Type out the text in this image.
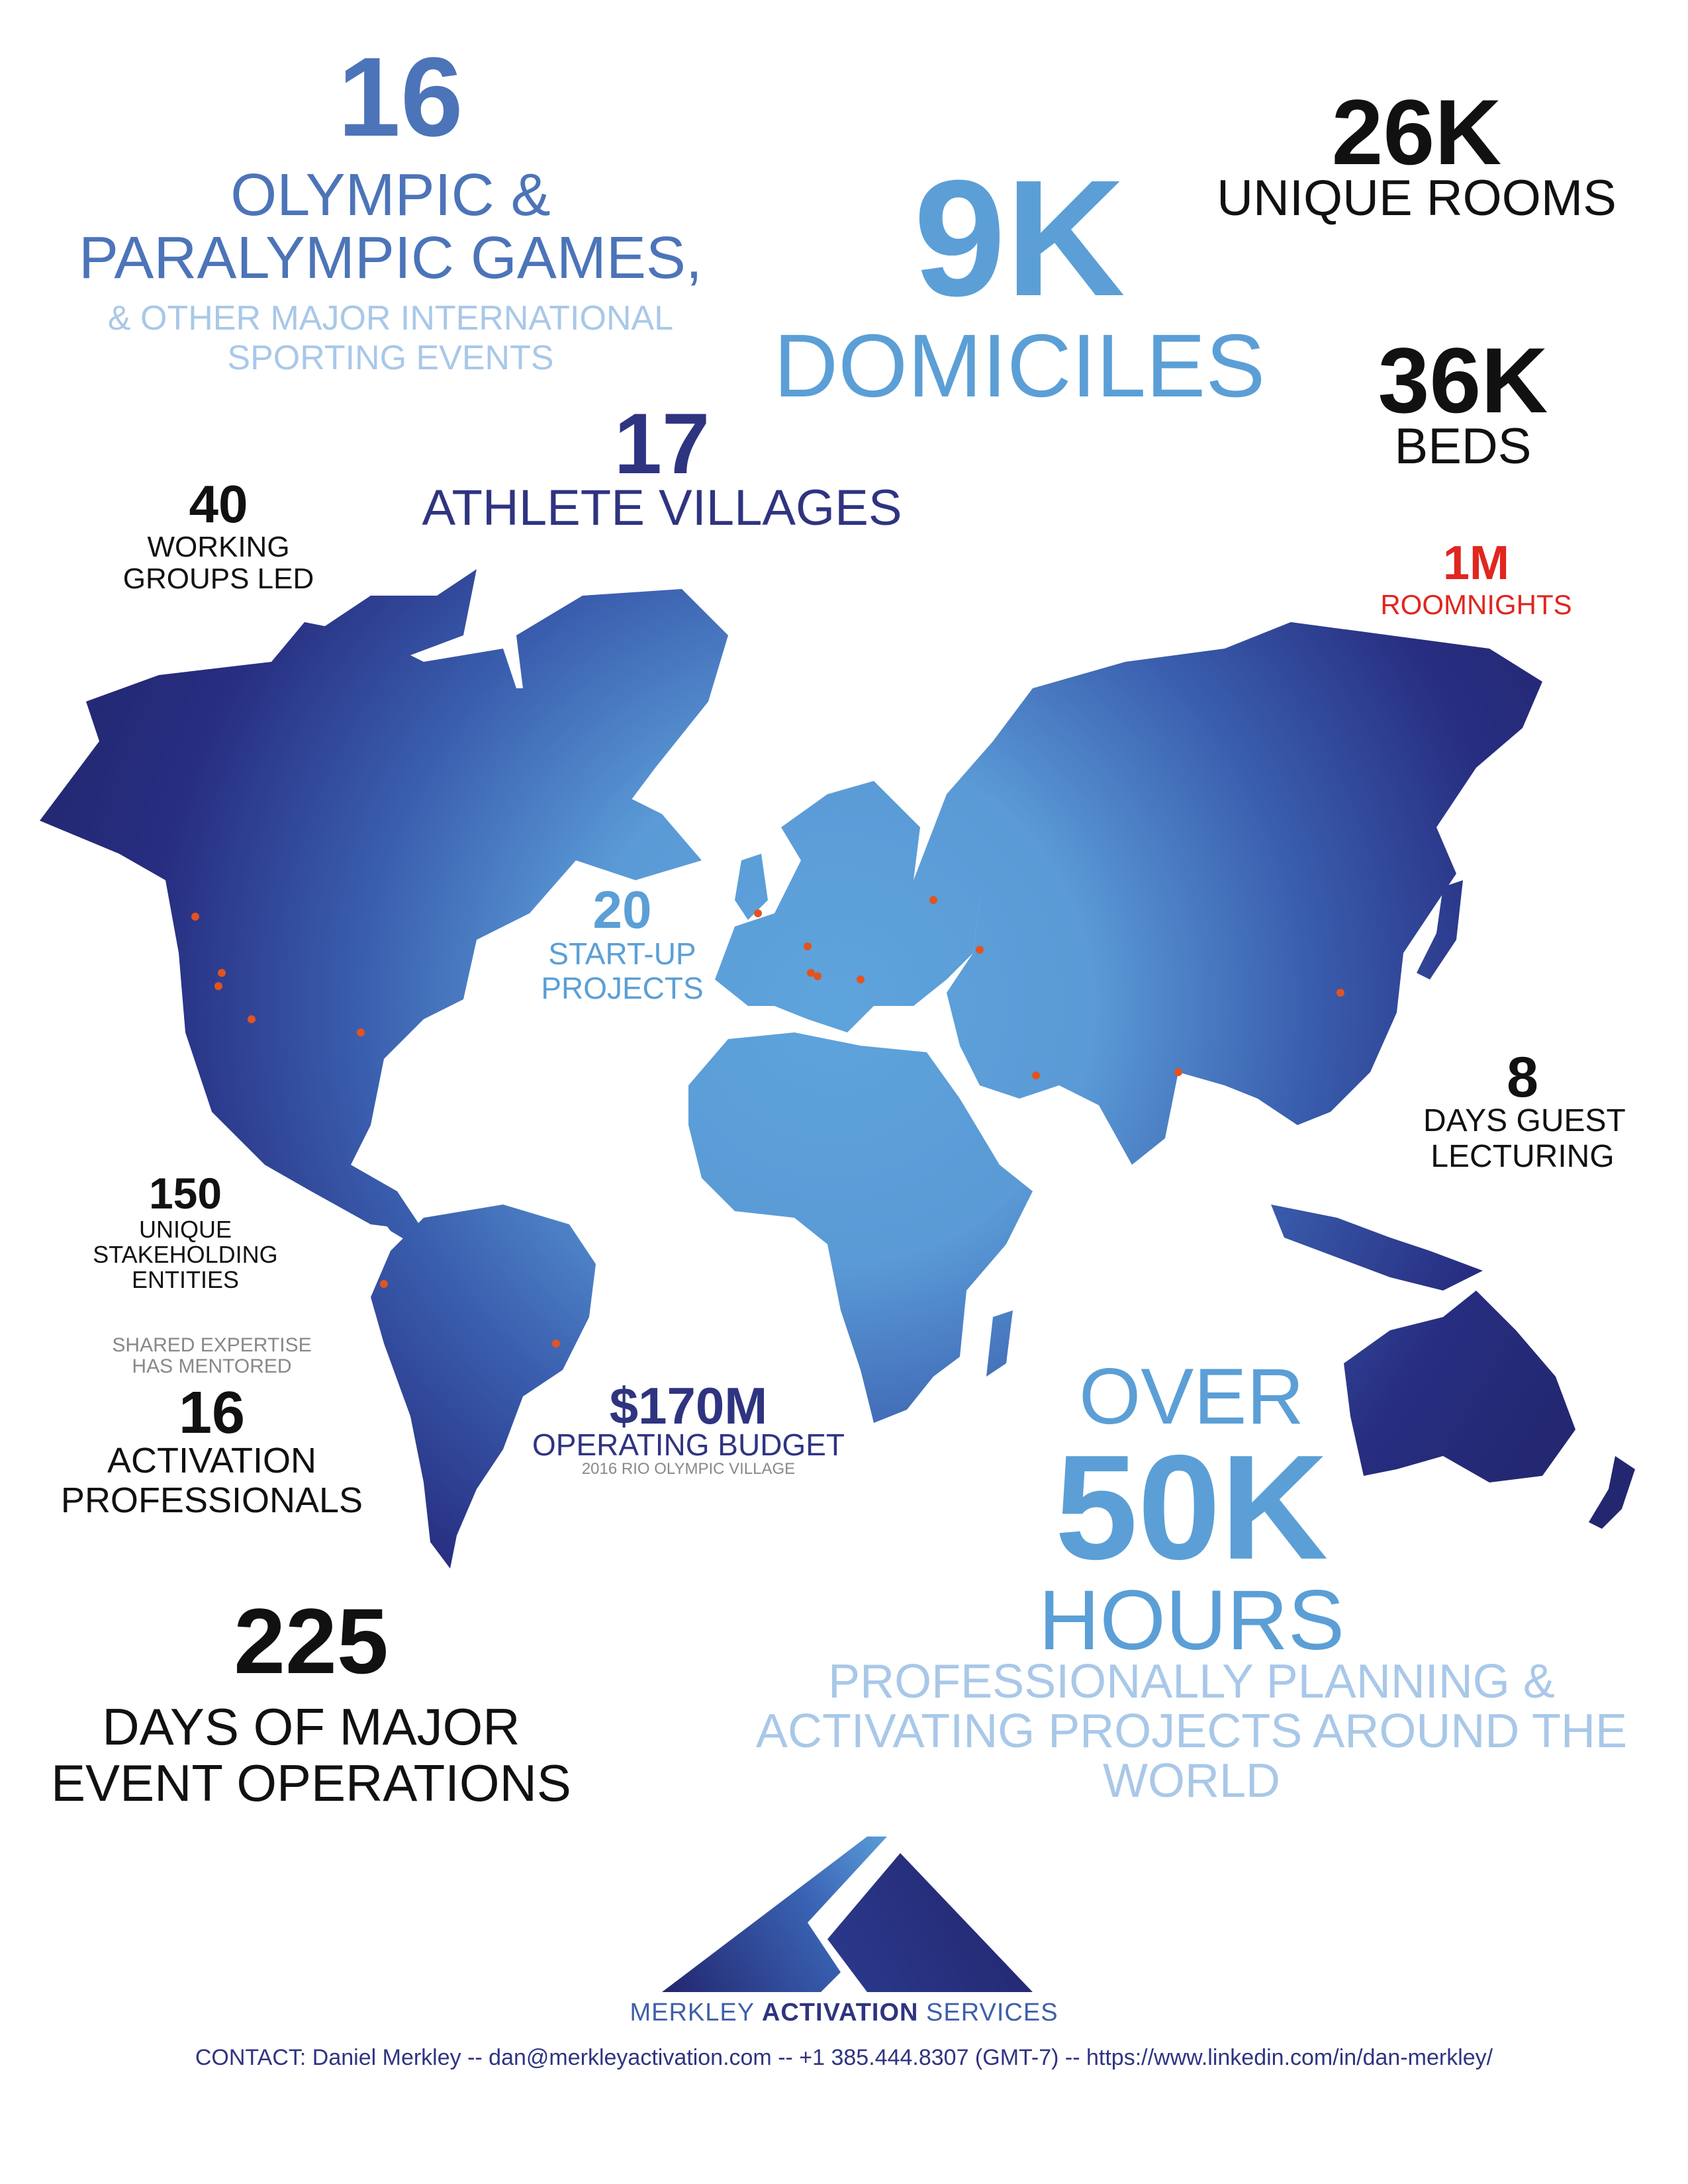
16
OLYMPIC &
PARALYMPIC GAMES,
& OTHER MAJOR INTERNATIONAL
SPORTING EVENTS
9K
DOMICILES
26K
UNIQUE ROOMS
36K
BEDS
17
ATHLETE VILLAGES
40
WORKING
GROUPS LED	1M
ROOMNIGHTS
20
START-UP
PROJECTS
8
DAYS GUEST
LECTURING
150
UNIQUE
STAKEHOLDING
ENTITIES
SHARED EXPERTISE
HAS MENTORED
16
ACTIVATION
PROFESSIONALS
$170M
OPERATING BUDGET
2016 RIO OLYMPIC VILLAGE
OVER
50K
HOURS
PROFESSIONALLY PLANNING &
ACTIVATING PROJECTS AROUND THE
WORLD
225
DAYS OF MAJOR
EVENT OPERATIONS
MERKLEY ACTIVATION SERVICES
CONTACT: Daniel Merkley -- dan@merkleyactivation.com -- +1 385.444.8307 (GMT-7) -- https://www.linkedin.com/in/dan-merkley/
